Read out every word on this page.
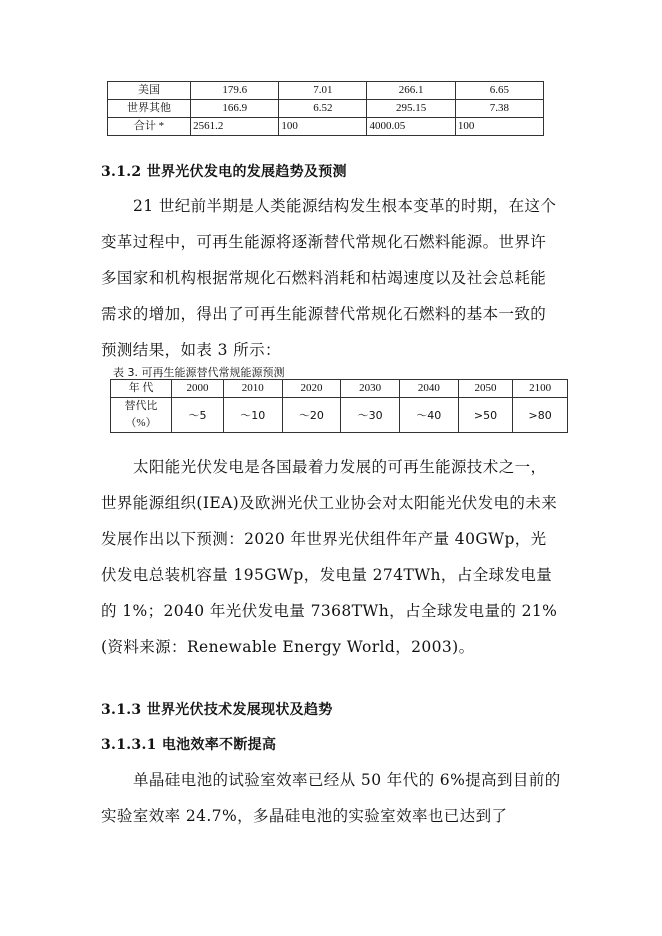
美国	179.6	7.01	266.1	6.65
世界其他	166.9	6.52	295.15	7.38
合计 *	2561.2	100	4000.05	100
3.1.2 世界光伏发电的发展趋势及预测

21 世纪前半期是人类能源结构发生根本变革的时期，在这个变革过程中，可再生能源将逐渐替代常规化石燃料能源。世界许多国家和机构根据常规化石燃料消耗和枯竭速度以及社会总耗能需求的增加，得出了可再生能源替代常规化石燃料的基本一致的预测结果，如表 3 所示：

表 3. 可再生能源替代常规能源预测
年 代	2000	2010	2020	2030	2040	2050	2100

替代比
（%）	～5	～10	～20	～30	～40	>50	>80

太阳能光伏发电是各国最着力发展的可再生能源技术之一，世界能源组织(IEA)及欧洲光伏工业协会对太阳能光伏发电的未来发展作出以下预测：2020 年世界光伏组件年产量 40GWp，光伏发电总装机容量 195GWp，发电量 274TWh，占全球发电量的 1%；2040 年光伏发电量 7368TWh，占全球发电量的 21%(资料来源：Renewable Energy World，2003)。

3.1.3 世界光伏技术发展现状及趋势
3.1.3.1 电池效率不断提高

单晶硅电池的试验室效率已经从 50 年代的 6%提高到目前的实验室效率 24.7%，多晶硅电池的实验室效率也已达到了
